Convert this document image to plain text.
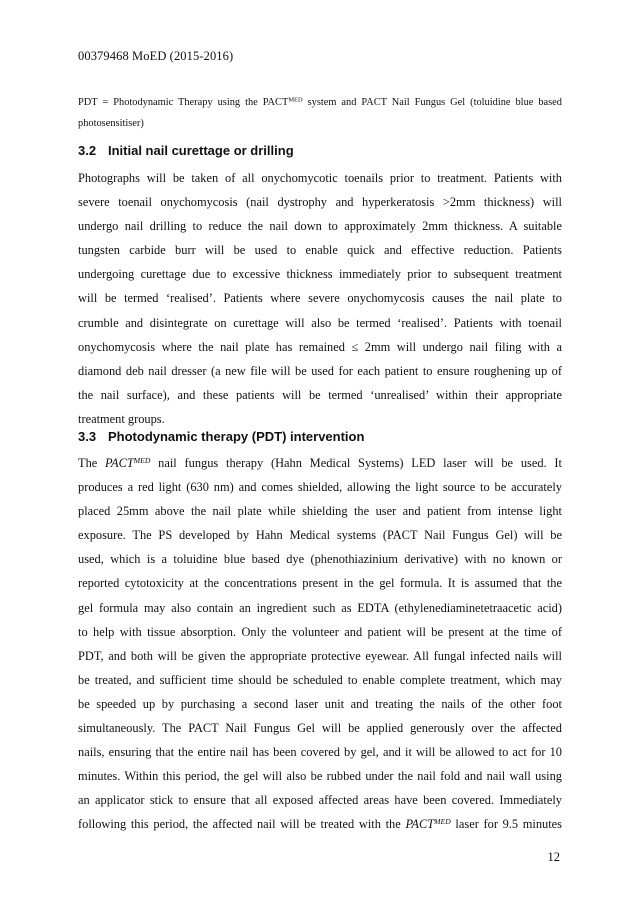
00379468 MoED (2015-2016)
PDT = Photodynamic Therapy using the $PACT^{MED}$ system and PACT Nail Fungus Gel (toluidine blue based
photosensitiser)
3.2 Initial nail curettage or drilling
Photographs will be taken of all onychomycotic toenails prior to treatment. Patients with
severe toenail onychomycosis (nail dystrophy and hyperkeratosis >2mm thickness) will
undergo nail drilling to reduce the nail down to approximately 2mm thickness. A suitable
tungsten carbide burr will be used to enable quick and effective reduction. Patients
undergoing curettage due to excessive thickness immediately prior to subsequent treatment
will be termed ‘realised’. Patients where severe onychomycosis causes the nail plate to
crumble and disintegrate on curettage will also be termed ‘realised’. Patients with toenail
onychomycosis where the nail plate has remained ≤ 2mm will undergo nail filing with a
diamond deb nail dresser (a new file will be used for each patient to ensure roughening up of
the nail surface), and these patients will be termed ‘unrealised’ within their appropriate
treatment groups.
3.3 Photodynamic therapy (PDT) intervention
The $PACT^{MED}$ nail fungus therapy (Hahn Medical Systems) LED laser will be used. It
produces a red light (630 nm) and comes shielded, allowing the light source to be accurately
placed 25mm above the nail plate while shielding the user and patient from intense light
exposure. The PS developed by Hahn Medical systems (PACT Nail Fungus Gel) will be
used, which is a toluidine blue based dye (phenothiazinium derivative) with no known or
reported cytotoxicity at the concentrations present in the gel formula. It is assumed that the
gel formula may also contain an ingredient such as EDTA (ethylenediaminetetraacetic acid)
to help with tissue absorption. Only the volunteer and patient will be present at the time of
PDT, and both will be given the appropriate protective eyewear. All fungal infected nails will
be treated, and sufficient time should be scheduled to enable complete treatment, which may
be speeded up by purchasing a second laser unit and treating the nails of the other foot
simultaneously. The PACT Nail Fungus Gel will be applied generously over the affected
nails, ensuring that the entire nail has been covered by gel, and it will be allowed to act for 10
minutes. Within this period, the gel will also be rubbed under the nail fold and nail wall using
an applicator stick to ensure that all exposed affected areas have been covered. Immediately
following this period, the affected nail will be treated with the $PACT^{MED}$ laser for 9.5 minutes
12
